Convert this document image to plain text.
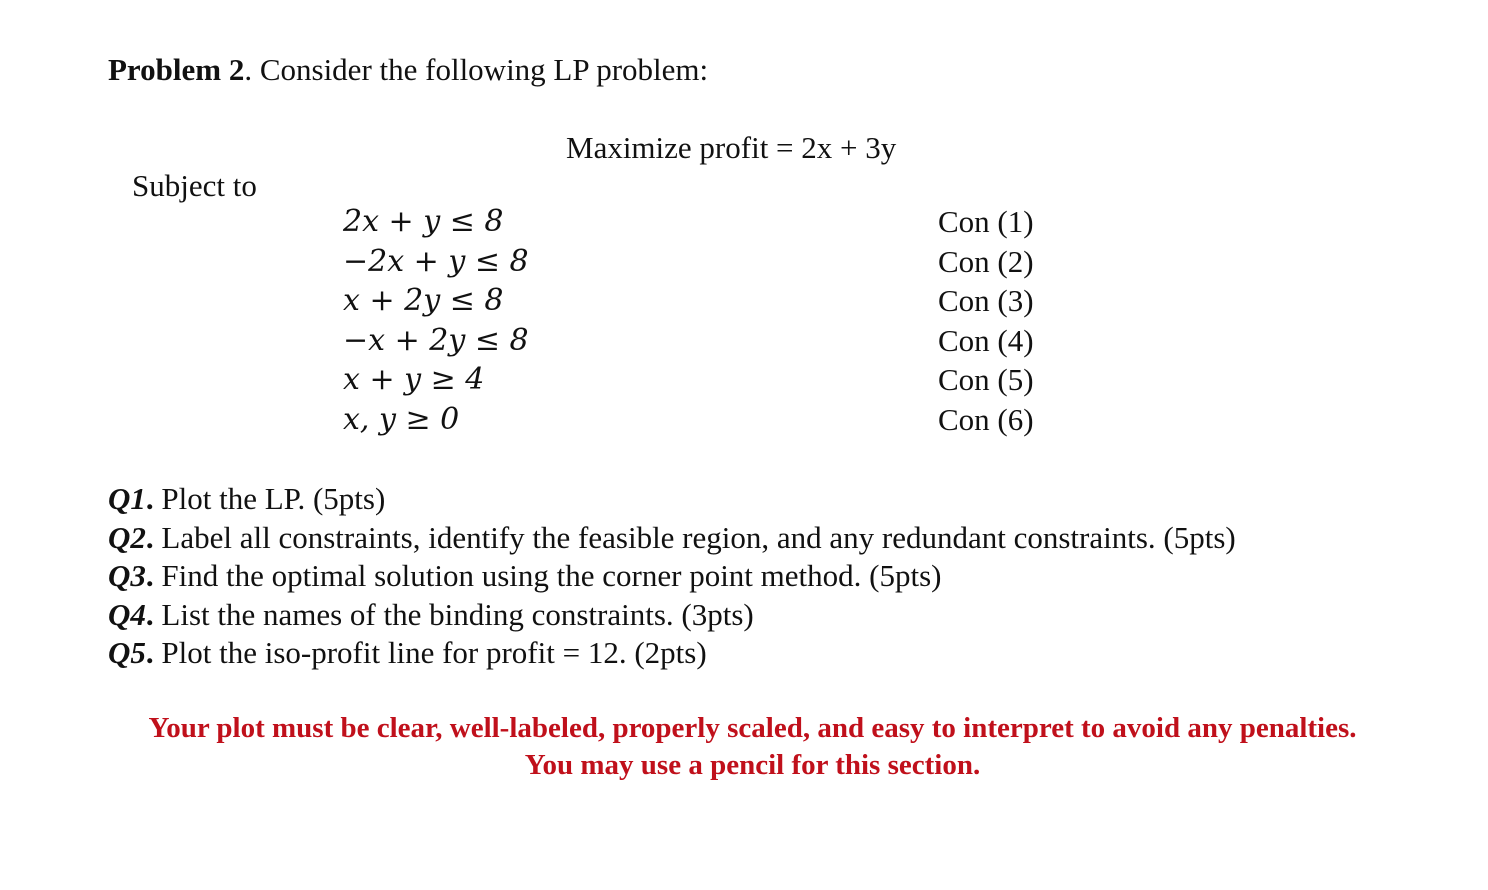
Problem 2. Consider the following LP problem:
Maximize profit = 2x + 3y
Subject to
2x + y ≤ 8	Con (1)
−2x + y ≤ 8	Con (2)
x + 2y ≤ 8	Con (3)
−x + 2y ≤ 8	Con (4)
x + y ≥ 4	Con (5)
x, y ≥ 0	Con (6)
Q1. Plot the LP. (5pts)
Q2. Label all constraints, identify the feasible region, and any redundant constraints. (5pts)
Q3. Find the optimal solution using the corner point method. (5pts)
Q4. List the names of the binding constraints. (3pts)
Q5. Plot the iso-profit line for profit = 12. (2pts)
Your plot must be clear, well-labeled, properly scaled, and easy to interpret to avoid any penalties.
You may use a pencil for this section.
